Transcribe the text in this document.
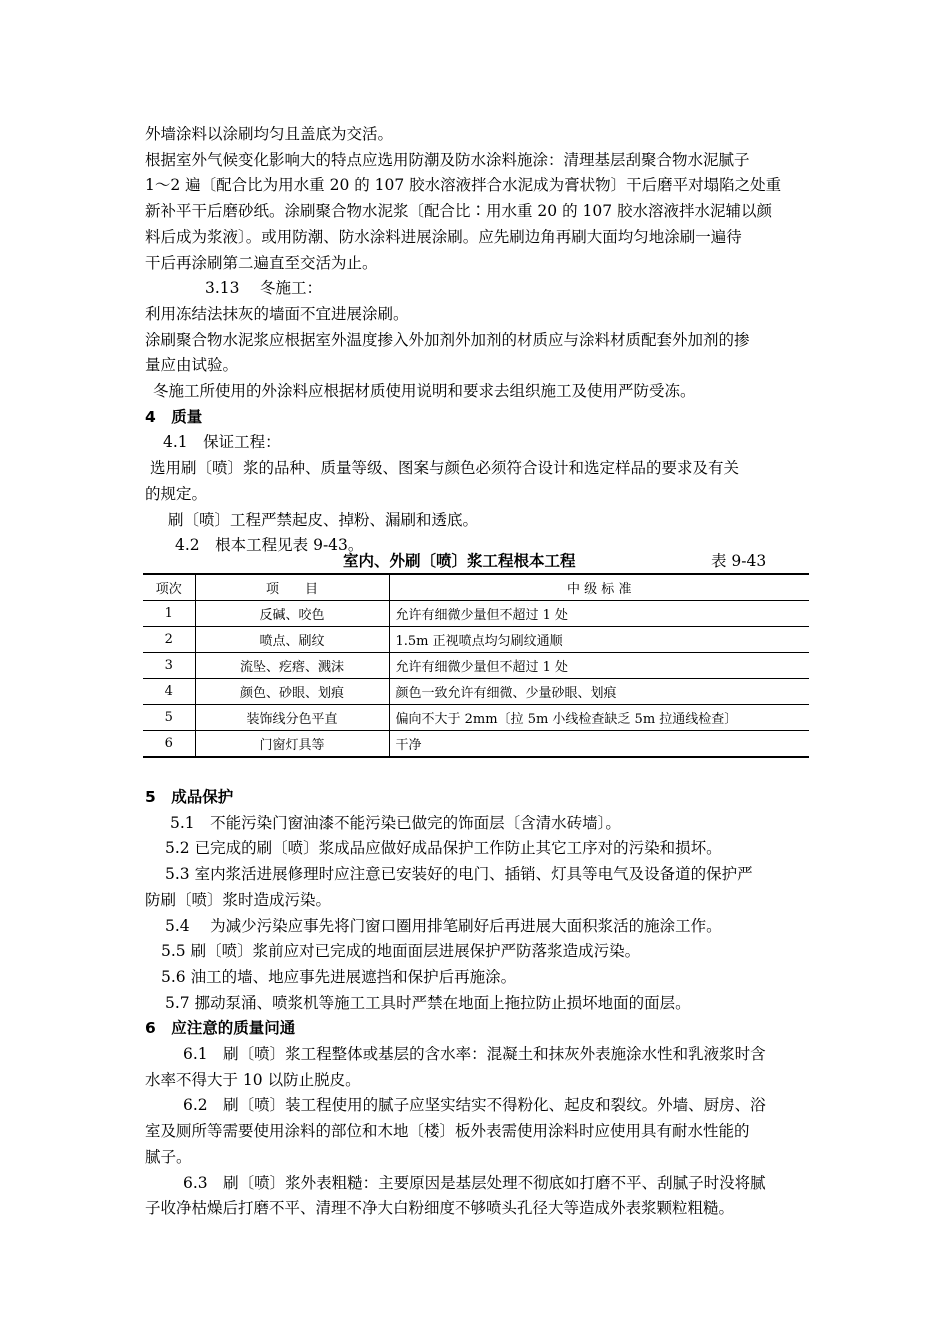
外墙涂料以涂刷均匀且盖底为交活。
根据室外气候变化影响大的特点应选用防潮及防水涂料施涂：清理基层刮聚合物水泥腻子
1～2 遍〔配合比为用水重 20 的 107 胶水溶液拌合水泥成为膏状物〕干后磨平对塌陷之处重
新补平干后磨砂纸。涂刷聚合物水泥浆〔配合比∶用水重 20 的 107 胶水溶液拌水泥辅以颜
料后成为浆液〕。或用防潮、防水涂料进展涂刷。应先刷边角再刷大面均匀地涂刷一遍待
干后再涂刷第二遍直至交活为止。
3.13　 冬施工：
利用冻结法抹灰的墙面不宜进展涂刷。
涂刷聚合物水泥浆应根据室外温度掺入外加剂外加剂的材质应与涂料材质配套外加剂的掺
量应由试验。
冬施工所使用的外涂料应根据材质使用说明和要求去组织施工及使用严防受冻。
4　质量
4.1　保证工程：
选用刷〔喷〕浆的品种、质量等级、图案与颜色必须符合设计和选定样品的要求及有关
的规定。
刷〔喷〕工程严禁起皮、掉粉、漏刷和透底。
4.2　根本工程见表 9-43。
室内、外刷〔喷〕浆工程根本工程	表 9-43
项次	项　　目	中 级 标 准
1	反碱、咬色	允许有细微少量但不超过 1 处
2	喷点、刷纹	1.5m 正视喷点均匀刷纹通顺
3	流坠、疙瘩、溅沫	允许有细微少量但不超过 1 处
4	颜色、砂眼、划痕	颜色一致允许有细微、少量砂眼、划痕
5	装饰线分色平直	偏向不大于 2mm〔拉 5m 小线检查缺乏 5m 拉通线检查〕
6	门窗灯具等	干净
5　成品保护
5.1　不能污染门窗油漆不能污染已做完的饰面层〔含清水砖墙〕。
5.2 已完成的刷〔喷〕浆成品应做好成品保护工作防止其它工序对的污染和损坏。
5.3 室内浆活进展修理时应注意已安装好的电门、插销、灯具等电气及设备道的保护严
防刷〔喷〕浆时造成污染。
5.4　 为减少污染应事先将门窗口圈用排笔刷好后再进展大面积浆活的施涂工作。
5.5 刷〔喷〕浆前应对已完成的地面面层进展保护严防落浆造成污染。
5.6 油工的墙、地应事先进展遮挡和保护后再施涂。
5.7 挪动泵涌、喷浆机等施工工具时严禁在地面上拖拉防止损坏地面的面层。
6　应注意的质量问通
6.1　刷〔喷〕浆工程整体或基层的含水率：混凝土和抹灰外表施涂水性和乳液浆时含
水率不得大于 10 以防止脱皮。
6.2　刷〔喷〕装工程使用的腻子应坚实结实不得粉化、起皮和裂纹。外墙、厨房、浴
室及厕所等需要使用涂料的部位和木地〔楼〕板外表需使用涂料时应使用具有耐水性能的
腻子。
6.3　刷〔喷〕浆外表粗糙：主要原因是基层处理不彻底如打磨不平、刮腻子时没将腻
子收净枯燥后打磨不平、清理不净大白粉细度不够喷头孔径大等造成外表浆颗粒粗糙。
